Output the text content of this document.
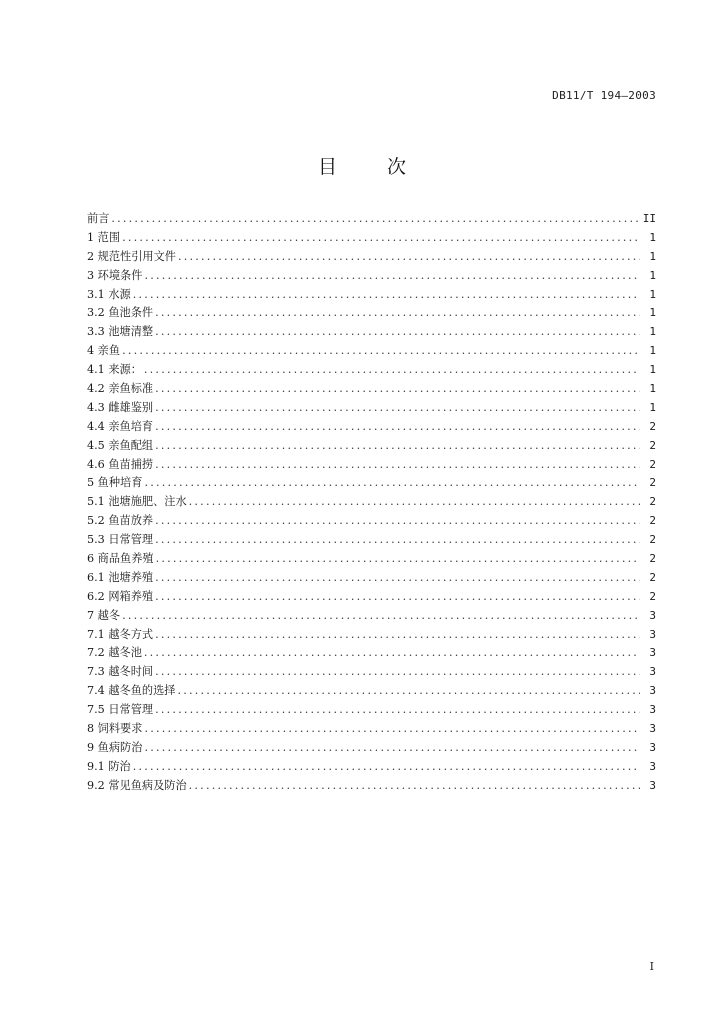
DB11/T 194—2003
目 次
前言 .....	II
1 范围 .....	1
2 规范性引用文件 .....	1
3 环境条件 .....	1
3.1 水源 .....	1
3.2 鱼池条件 .....	1
3.3 池塘清整 .....	1
4 亲鱼 .....	1
4.1 来源： .....	1
4.2 亲鱼标准 .....	1
4.3 雌雄鉴别 .....	1
4.4 亲鱼培育 .....	2
4.5 亲鱼配组 .....	2
4.6 鱼苗捕捞 .....	2
5 鱼种培育 .....	2
5.1 池塘施肥、注水 .....	2
5.2 鱼苗放养 .....	2
5.3 日常管理 .....	2
6 商品鱼养殖 .....	2
6.1 池塘养殖 .....	2
6.2 网箱养殖 .....	2
7 越冬 .....	3
7.1 越冬方式 .....	3
7.2 越冬池 .....	3
7.3 越冬时间 .....	3
7.4 越冬鱼的选择 .....	3
7.5 日常管理 .....	3
8 饲料要求 .....	3
9 鱼病防治 .....	3
9.1 防治 .....	3
9.2 常见鱼病及防治 .....	3
I
